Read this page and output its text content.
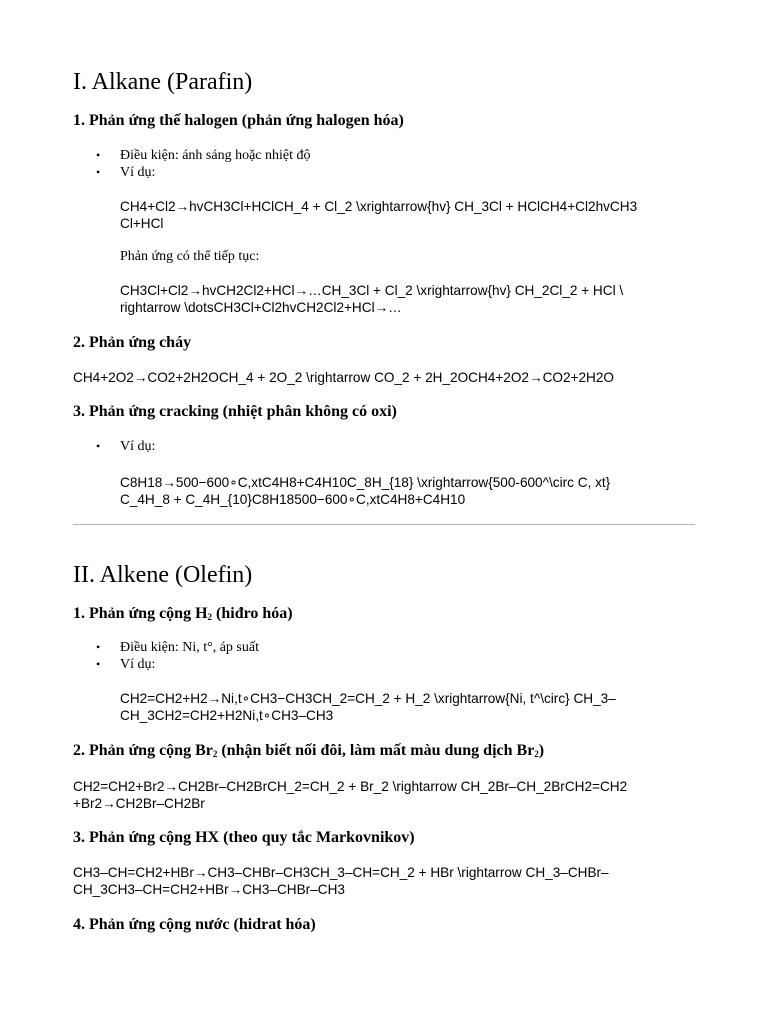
I. Alkane (Parafin)
1. Phản ứng thế halogen (phản ứng halogen hóa)
• Điều kiện: ánh sáng hoặc nhiệt độ
• Ví dụ:

CH4+Cl2→hvCH3Cl+HClCH_4 + Cl_2 \xrightarrow{hv} CH_3Cl + HClCH4+Cl2hvCH3

Cl+HCl

Phản ứng có thể tiếp tục:

CH3Cl+Cl2→hvCH2Cl2+HCl→…CH_3Cl + Cl_2 \xrightarrow{hv} CH_2Cl_2 + HCl \

rightarrow \dotsCH3Cl+Cl2hvCH2Cl2+HCl→…

2. Phản ứng cháy

CH4+2O2→CO2+2H2OCH_4 + 2O_2 \rightarrow CO_2 + 2H_2OCH4+2O2→CO2+2H2O

3. Phản ứng cracking (nhiệt phân không có oxi)
• Ví dụ:

C8H18→500−600∘C,xtC4H8+C4H10C_8H_{18} \xrightarrow{500-600^\circ C, xt}

C_4H_8 + C_4H_{10}C8H18500−600∘C,xtC4H8+C4H10

II. Alkene (Olefin)
1. Phản ứng cộng $H_2$ (hiđro hóa)
• Điều kiện: Ni, t°, áp suất
• Ví dụ:

CH2=CH2+H2→Ni,t∘CH3−CH3CH_2=CH_2 + H_2 \xrightarrow{Ni, t^\circ} CH_3–

CH_3CH2=CH2+H2Ni,t∘CH3–CH3

2. Phản ứng cộng $Br_2$ (nhận biết nối đôi, làm mất màu dung dịch $Br_2$)

CH2=CH2+Br2→CH2Br–CH2BrCH_2=CH_2 + Br_2 \rightarrow CH_2Br–CH_2BrCH2=CH2

+Br2→CH2Br–CH2Br

3. Phản ứng cộng HX (theo quy tắc Markovnikov)

CH3–CH=CH2+HBr→CH3–CHBr–CH3CH_3–CH=CH_2 + HBr \rightarrow CH_3–CHBr–

CH_3CH3–CH=CH2+HBr→CH3–CHBr–CH3

4. Phản ứng cộng nước (hidrat hóa)
